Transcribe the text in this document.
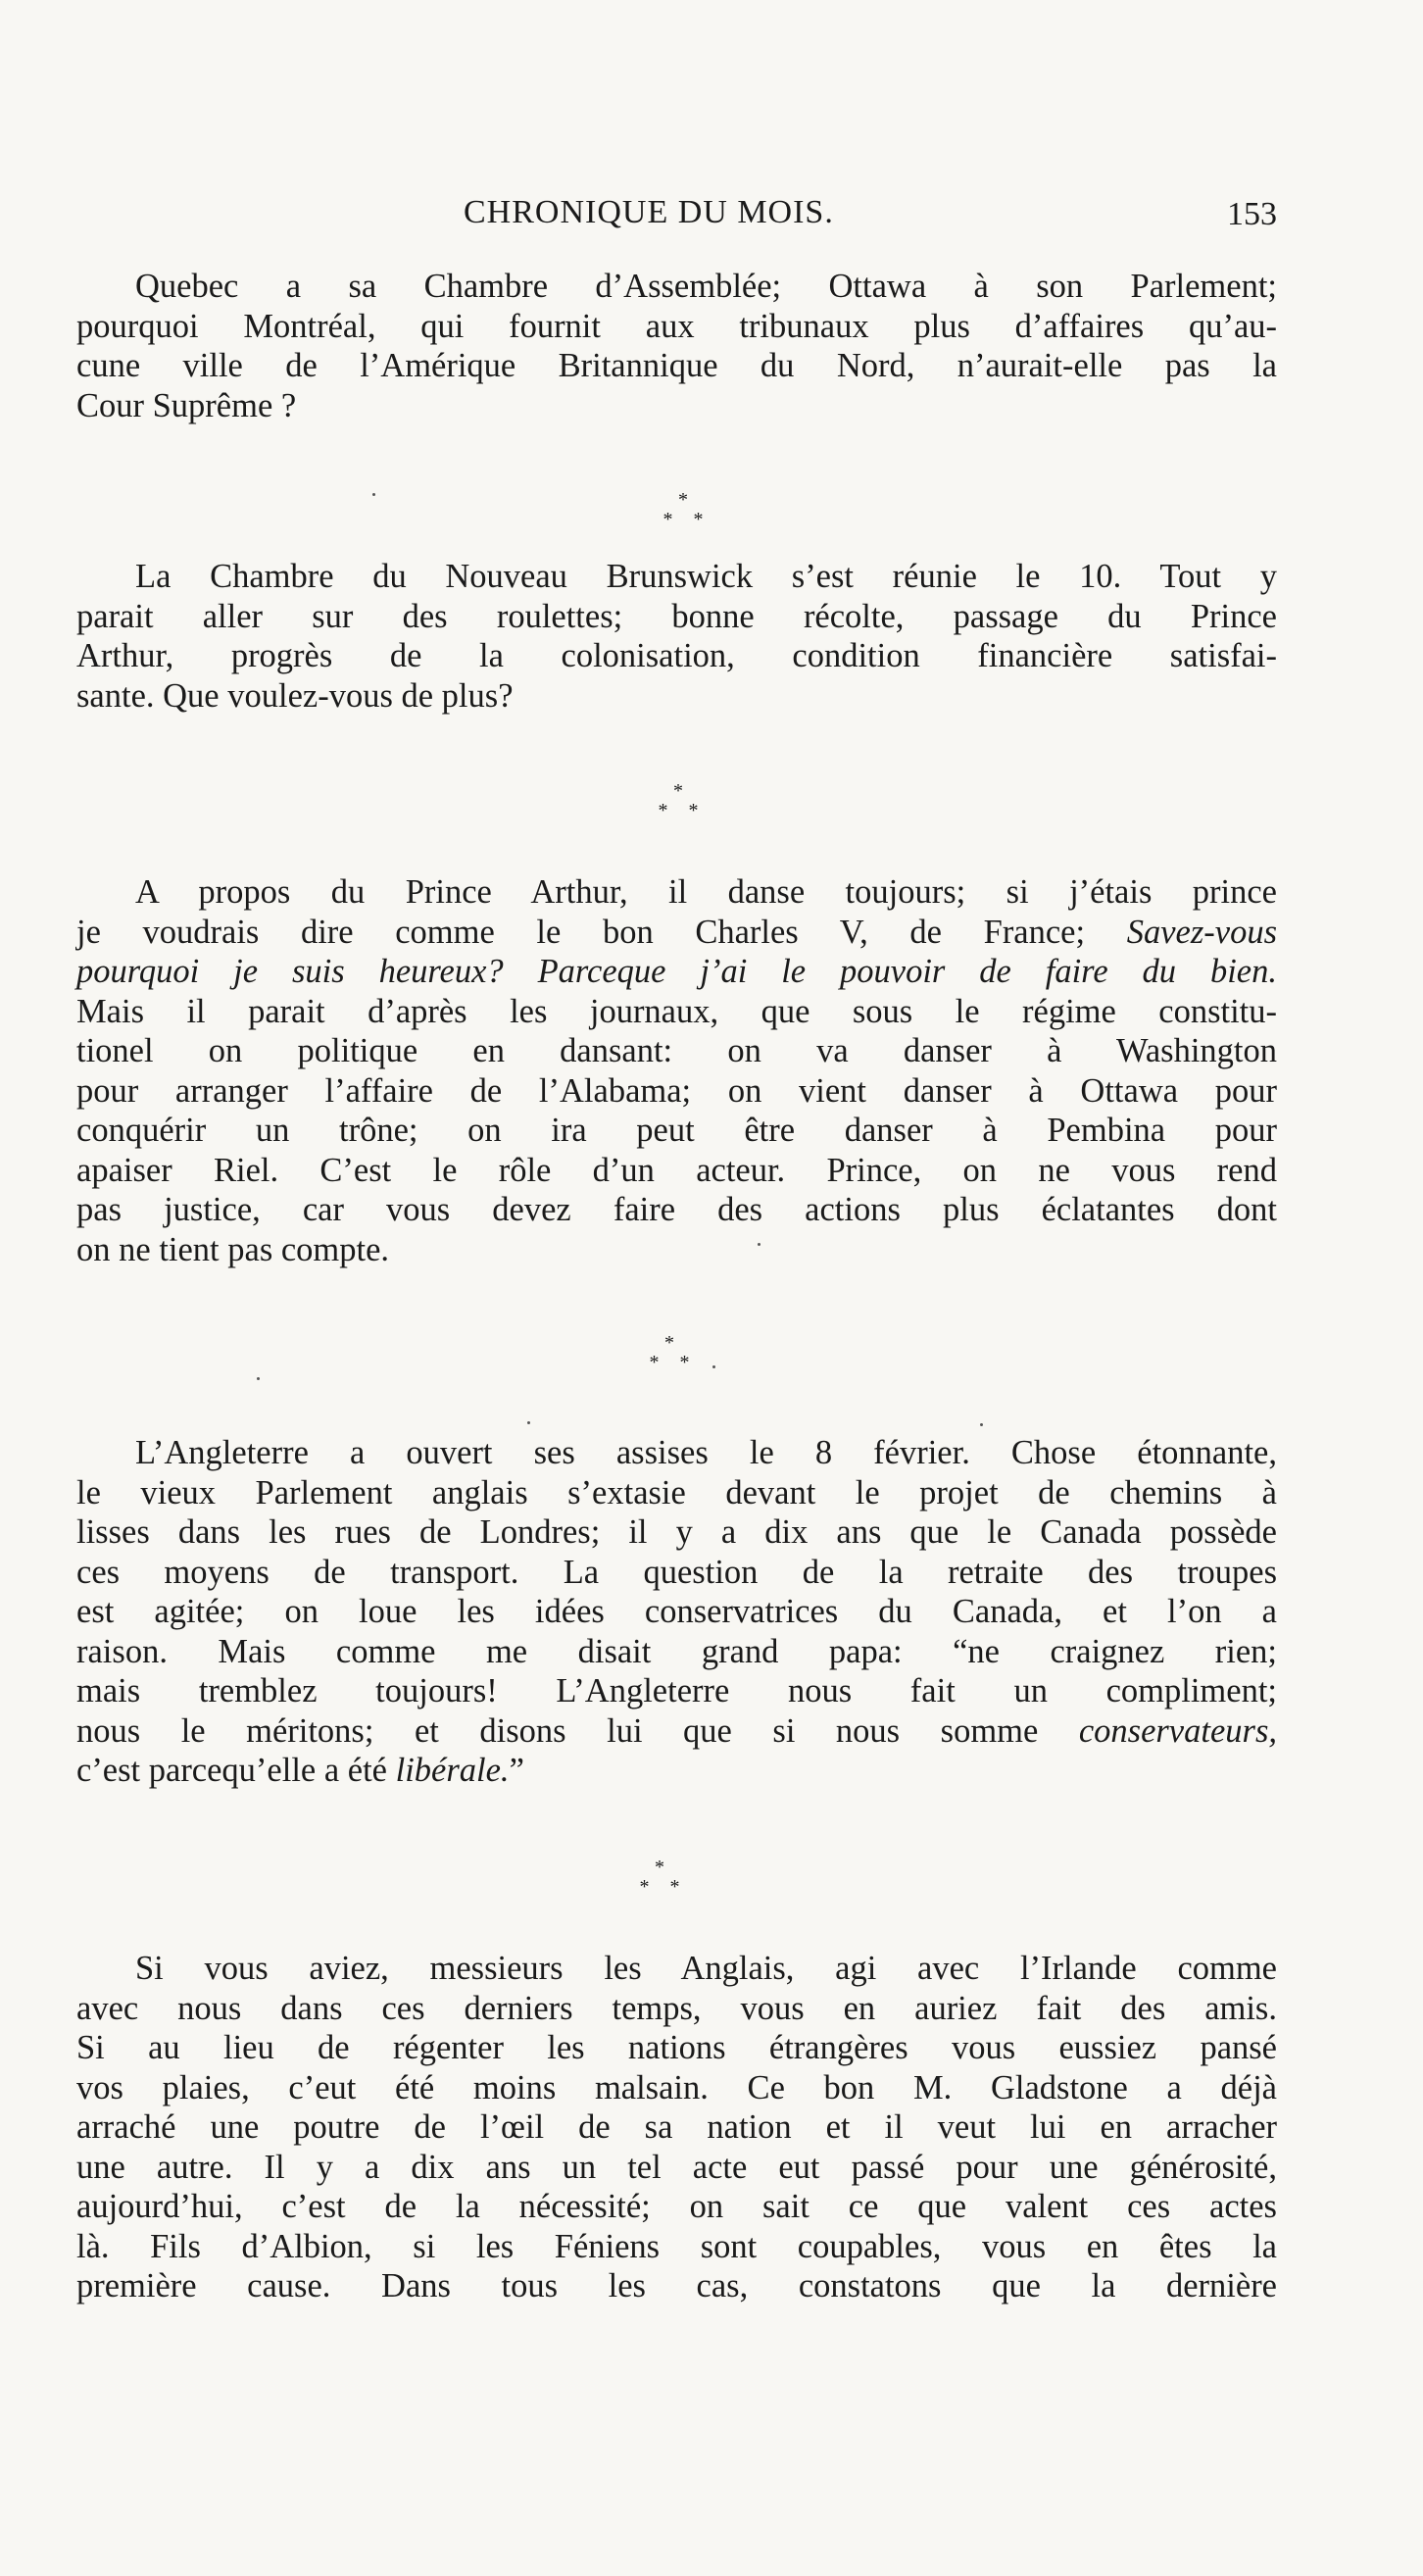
CHRONIQUE DU MOIS.	153
Quebec a sa Chambre d’Assemblée; Ottawa à son Parlement;
pourquoi Montréal, qui fournit aux tribunaux plus d’affaires qu’au-
cune ville de l’Amérique Britannique du Nord, n’aurait-elle pas la
Cour Suprême ?
*
* *
La Chambre du Nouveau Brunswick s’est réunie le 10. Tout y
parait aller sur des roulettes; bonne récolte, passage du Prince
Arthur, progrès de la colonisation, condition financière satisfai-
sante. Que voulez-vous de plus?
*
* *
A propos du Prince Arthur, il danse toujours; si j’étais prince
je voudrais dire comme le bon Charles V, de France; Savez-vous
pourquoi je suis heureux? Parceque j’ai le pouvoir de faire du bien.
Mais il parait d’après les journaux, que sous le régime constitu-
tionel on politique en dansant: on va danser à Washington
pour arranger l’affaire de l’Alabama; on vient danser à Ottawa pour
conquérir un trône; on ira peut être danser à Pembina pour
apaiser Riel. C’est le rôle d’un acteur. Prince, on ne vous rend
pas justice, car vous devez faire des actions plus éclatantes dont
on ne tient pas compte.
*
* *
L’Angleterre a ouvert ses assises le 8 février. Chose étonnante,
le vieux Parlement anglais s’extasie devant le projet de chemins à
lisses dans les rues de Londres; il y a dix ans que le Canada possède
ces moyens de transport. La question de la retraite des troupes
est agitée; on loue les idées conservatrices du Canada, et l’on a
raison. Mais comme me disait grand papa: “ne craignez rien;
mais tremblez toujours! L’Angleterre nous fait un compliment;
nous le méritons; et disons lui que si nous somme conservateurs,
c’est parcequ’elle a été libérale.”
*
* *
Si vous aviez, messieurs les Anglais, agi avec l’Irlande comme
avec nous dans ces derniers temps, vous en auriez fait des amis.
Si au lieu de régenter les nations étrangères vous eussiez pansé
vos plaies, c’eut été moins malsain. Ce bon M. Gladstone a déjà
arraché une poutre de l’œil de sa nation et il veut lui en arracher
une autre. Il y a dix ans un tel acte eut passé pour une générosité,
aujourd’hui, c’est de la nécessité; on sait ce que valent ces actes
là. Fils d’Albion, si les Féniens sont coupables, vous en êtes la
première cause. Dans tous les cas, constatons que la dernière
